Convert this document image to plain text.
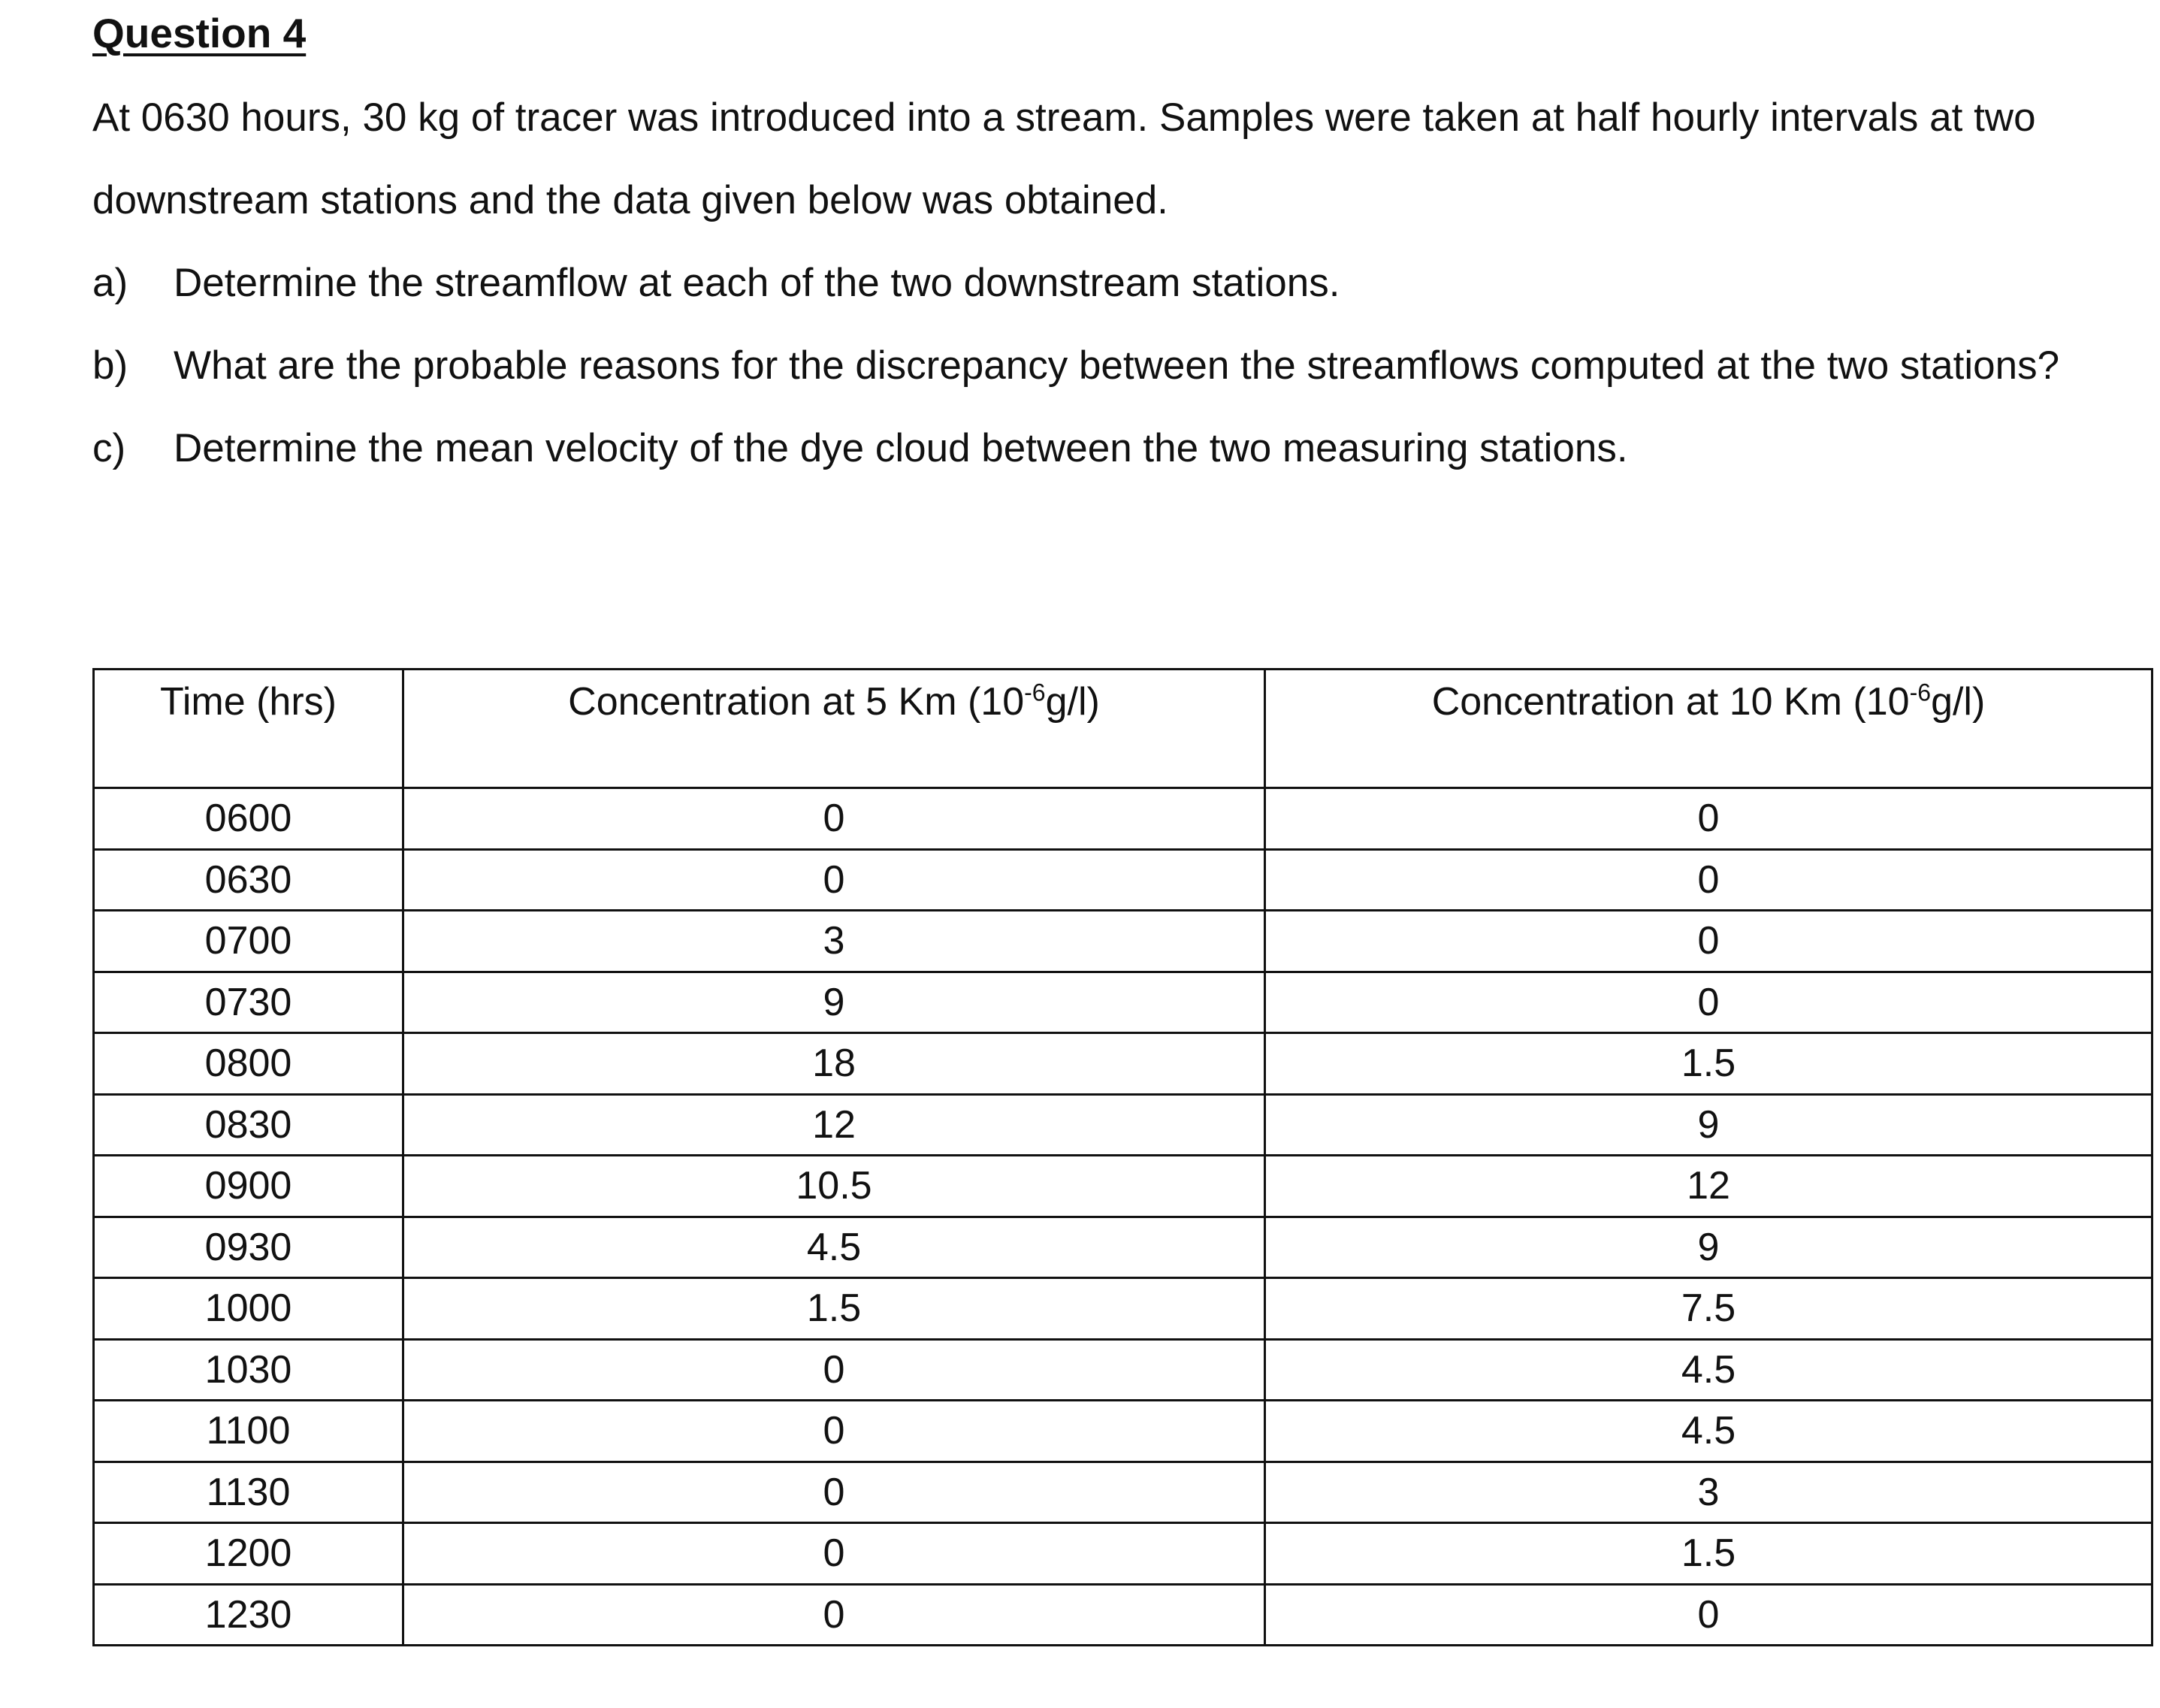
Question 4

At 0630 hours, 30 kg of tracer was introduced into a stream. Samples were taken at half hourly intervals at two

downstream stations and the data given below was obtained.

a) Determine the streamflow at each of the two downstream stations.
b) What are the probable reasons for the discrepancy between the streamflows computed at the two stations?
c) Determine the mean velocity of the dye cloud between the two measuring stations.
Time (hrs)	Concentration at 5 Km $(10^{-6}g/l)$	Concentration at 10 Km $(10^{-6}g/l)$
0600	0	0
0630	0	0
0700	3	0
0730	9	0
0800	18	1.5
0830	12	9
0900	10.5	12
0930	4.5	9
1000	1.5	7.5
1030	0	4.5
1100	0	4.5
1130	0	3
1200	0	1.5
1230	0	0
